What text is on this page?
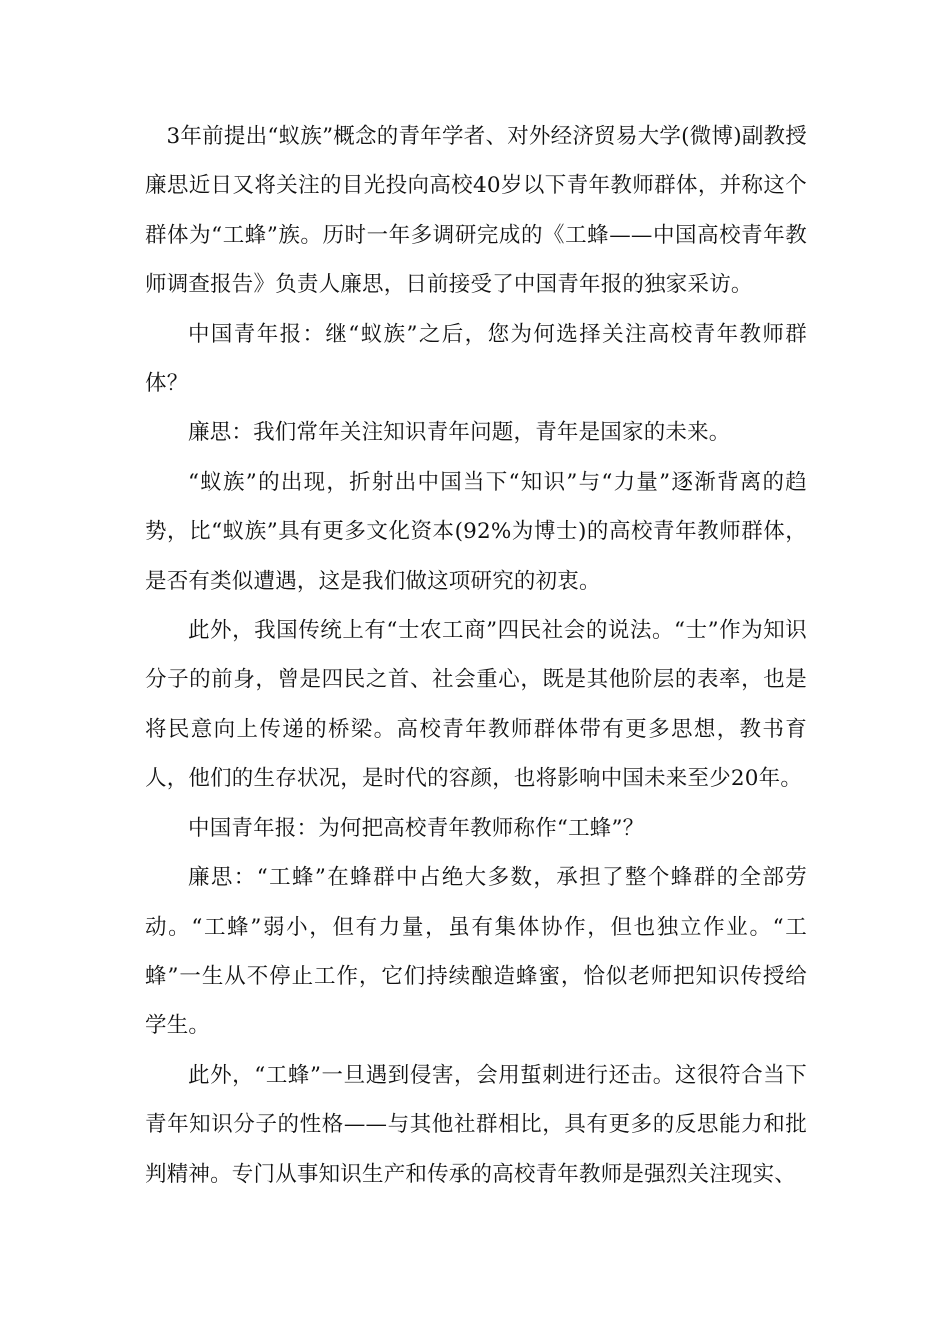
3年前提出“蚁族”概念的青年学者、对外经济贸易大学(微博)副教授廉思近日又将关注的目光投向高校40岁以下青年教师群体，并称这个群体为“工蜂”族。历时一年多调研完成的《工蜂——中国高校青年教师调查报告》负责人廉思，日前接受了中国青年报的独家采访。

中国青年报：继“蚁族”之后，您为何选择关注高校青年教师群体？

廉思：我们常年关注知识青年问题，青年是国家的未来。

“蚁族”的出现，折射出中国当下“知识”与“力量”逐渐背离的趋势，比“蚁族”具有更多文化资本(92%为博士)的高校青年教师群体，是否有类似遭遇，这是我们做这项研究的初衷。

此外，我国传统上有“士农工商”四民社会的说法。“士”作为知识分子的前身，曾是四民之首、社会重心，既是其他阶层的表率，也是将民意向上传递的桥梁。高校青年教师群体带有更多思想，教书育人，他们的生存状况，是时代的容颜，也将影响中国未来至少20年。

中国青年报：为何把高校青年教师称作“工蜂”？

廉思：“工蜂”在蜂群中占绝大多数，承担了整个蜂群的全部劳动。“工蜂”弱小，但有力量，虽有集体协作，但也独立作业。“工蜂”一生从不停止工作，它们持续酿造蜂蜜，恰似老师把知识传授给学生。

此外，“工蜂”一旦遇到侵害，会用蜇刺进行还击。这很符合当下青年知识分子的性格——与其他社群相比，具有更多的反思能力和批判精神。专门从事知识生产和传承的高校青年教师是强烈关注现实、
